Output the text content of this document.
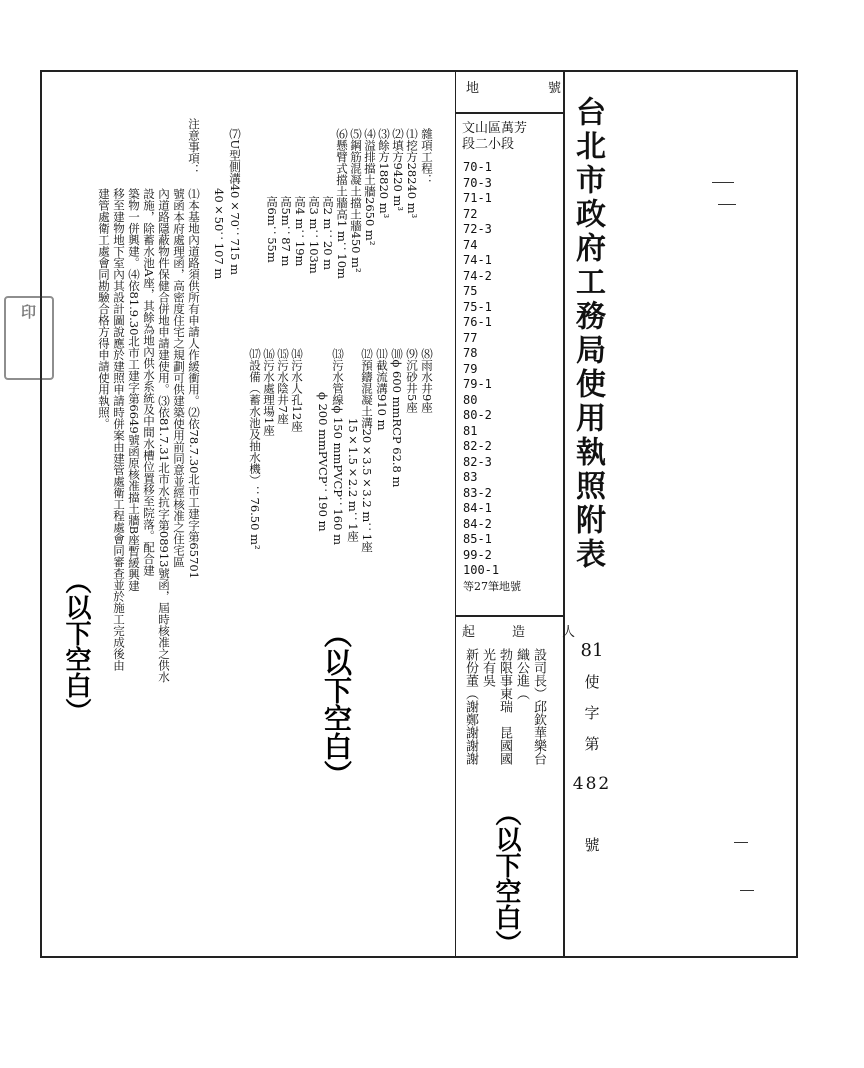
台北市政府工務局使用執照附表
地　號
起　造　人
81
使
字
第
482
號
文山區萬芳
段二小段
70-1
70-3
71-1
72
72-3
74
74-1
74-2
75
75-1
76-1
77
78
79
79-1
80
80-2
81
82-2
82-3
83
83-2
84-1
84-2
85-1
99-2
100-1
等27筆地號
設司長）邱欽華樂台
織公進（
勃限事東瑞　昆國國
光有吳
新份董（謝鄭謝謝謝
（以下空白）
雜項工程：
⑴挖方28240 m³
⑵填方9420 m³
⑶餘方18820 m³
⑷溢排擋土牆2650 m²
⑸鋼筋混凝土擋土牆450 m²
⑹懸臂式擋土牆高1 m：10m
高2 m：20 m
高3 m：103m
高4 m：19m
高5m：87 m
高6m：55m
⑺U型側溝40×70：715 m
40×50：107 m
⑻雨水井9座
⑼沉砂井5座
⑽ϕ 600 mmRCP 62.8 m
⑾截流溝910 m
⑿預鑄混凝土溝20×3.5×3.2 m：1座
15×1.5×2.2 m：1座
⒀污水管線ϕ 150 mmPVCP：160 m
ϕ 200 mmPVCP：190 m
⒁污水人孔12座
⒂污水陰井7座
⒃污水處理場1座
⒄設備（蓄水池及抽水機）：76.50 m²
（以下空白）
注意事項：
⑴本基地內道路須供所有申請人作緩衝用。⑵依78.7.30北市工建字第65701
號函本府處理函，高密度住宅之規劃可供建築使用前同意並經核准之住宅區
內道路隱蔽物件保健合併地申請建使用。⑶依81.7.31北市水抗字第08913號函，屆時核准之供水
設施，除蓄水池A座，其餘為地內供水系統及中間水槽位置移至院落。配合建
築物一併興建。⑷依81.9.30北市工建字第6649號函原核准擋土牆B座暫緩興建
移至建物地下室內其設計圖說應於建照申請時併案由建管處衛工程處會同審查並於施工完成後由
建管處衛工處會同勘驗合格方得申請使用執照。
（以下空白）
印
